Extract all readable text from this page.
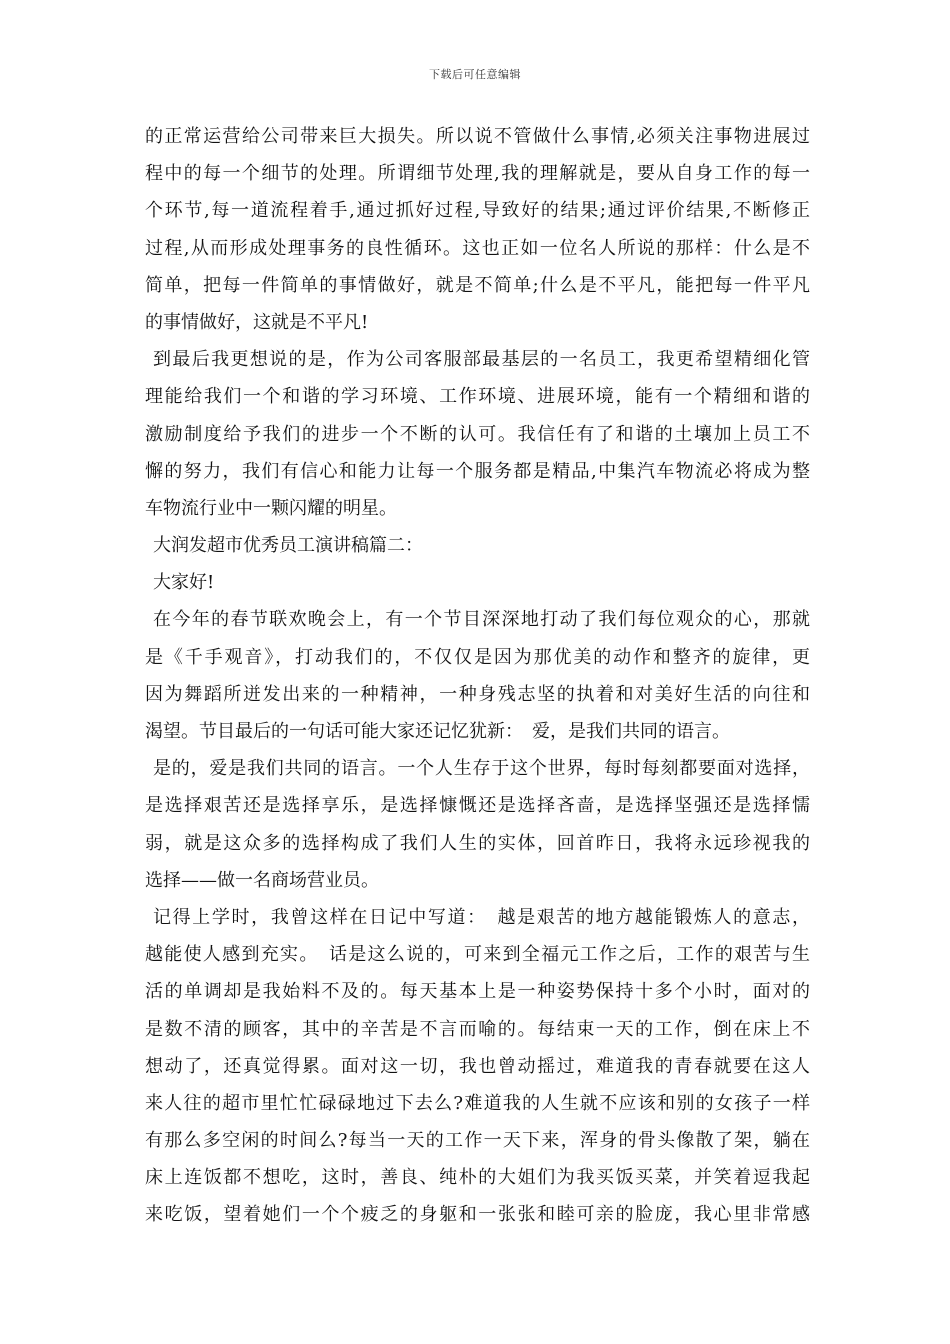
下载后可任意编辑
的正常运营给公司带来巨大损失。所以说不管做什么事情,必须关注事物进展过
程中的每一个细节的处理。所谓细节处理,我的理解就是，要从自身工作的每一
个环节,每一道流程着手,通过抓好过程,导致好的结果;通过评价结果,不断修正
过程,从而形成处理事务的良性循环。这也正如一位名人所说的那样：什么是不
简单，把每一件简单的事情做好，就是不简单;什么是不平凡，能把每一件平凡
的事情做好，这就是不平凡!
到最后我更想说的是，作为公司客服部最基层的一名员工，我更希望精细化管
理能给我们一个和谐的学习环境、工作环境、进展环境，能有一个精细和谐的
激励制度给予我们的进步一个不断的认可。我信任有了和谐的土壤加上员工不
懈的努力，我们有信心和能力让每一个服务都是精品,中集汽车物流必将成为整
车物流行业中一颗闪耀的明星。
大润发超市优秀员工演讲稿篇二：
大家好!
在今年的春节联欢晚会上，有一个节目深深地打动了我们每位观众的心，那就
是《千手观音》，打动我们的，不仅仅是因为那优美的动作和整齐的旋律，更
因为舞蹈所迸发出来的一种精神，一种身残志坚的执着和对美好生活的向往和
渴望。节目最后的一句话可能大家还记忆犹新：　爱，是我们共同的语言。
是的，爱是我们共同的语言。一个人生存于这个世界，每时每刻都要面对选择，
是选择艰苦还是选择享乐，是选择慷慨还是选择吝啬，是选择坚强还是选择懦
弱，就是这众多的选择构成了我们人生的实体，回首昨日，我将永远珍视我的
选择——做一名商场营业员。
记得上学时，我曾这样在日记中写道：　越是艰苦的地方越能锻炼人的意志，
越能使人感到充实。　话是这么说的，可来到全福元工作之后，工作的艰苦与生
活的单调却是我始料不及的。每天基本上是一种姿势保持十多个小时，面对的
是数不清的顾客，其中的辛苦是不言而喻的。每结束一天的工作，倒在床上不
想动了，还真觉得累。面对这一切，我也曾动摇过，难道我的青春就要在这人
来人往的超市里忙忙碌碌地过下去么?难道我的人生就不应该和别的女孩子一样
有那么多空闲的时间么?每当一天的工作一天下来，浑身的骨头像散了架，躺在
床上连饭都不想吃，这时，善良、纯朴的大姐们为我买饭买菜，并笑着逗我起
来吃饭，望着她们一个个疲乏的身躯和一张张和睦可亲的脸庞，我心里非常感
